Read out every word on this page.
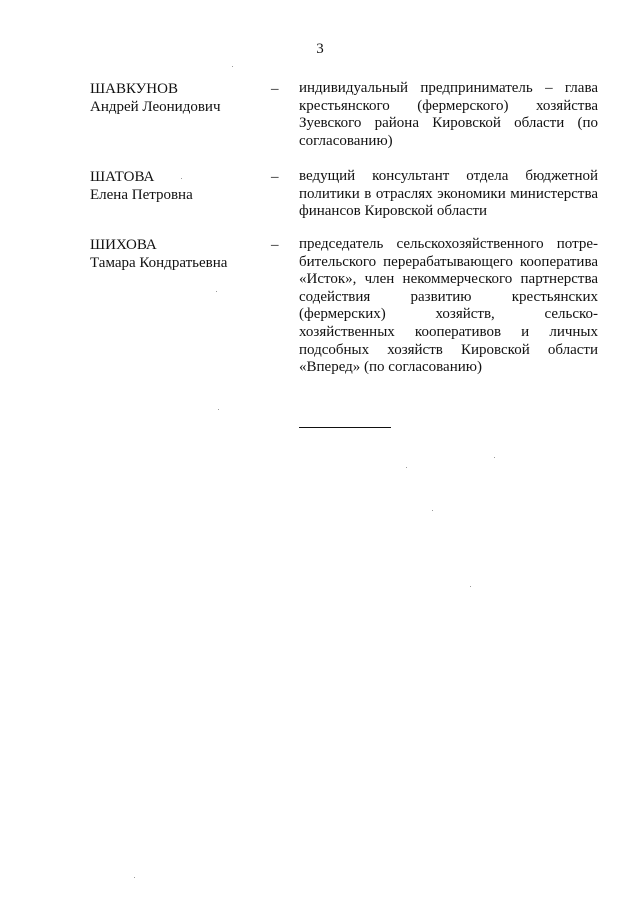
3
ШАВКУНОВ
Андрей Леонидович
– индивидуальный предприниматель – глава
крестьянского (фермерского) хозяйства
Зуевского района Кировской области (по
согласованию)
ШАТОВА
Елена Петровна
– ведущий консультант отдела бюджетной
политики в отраслях экономики министерства
финансов Кировской области
ШИХОВА
Тамара Кондратьевна
– председатель сельскохозяйственного потре-
бительского перерабатывающего кооператива
«Исток», член некоммерческого партнерства
содействия развитию крестьянских
(фермерских) хозяйств, сельско-
хозяйственных кооперативов и личных
подсобных хозяйств Кировской области
«Вперед» (по согласованию)
